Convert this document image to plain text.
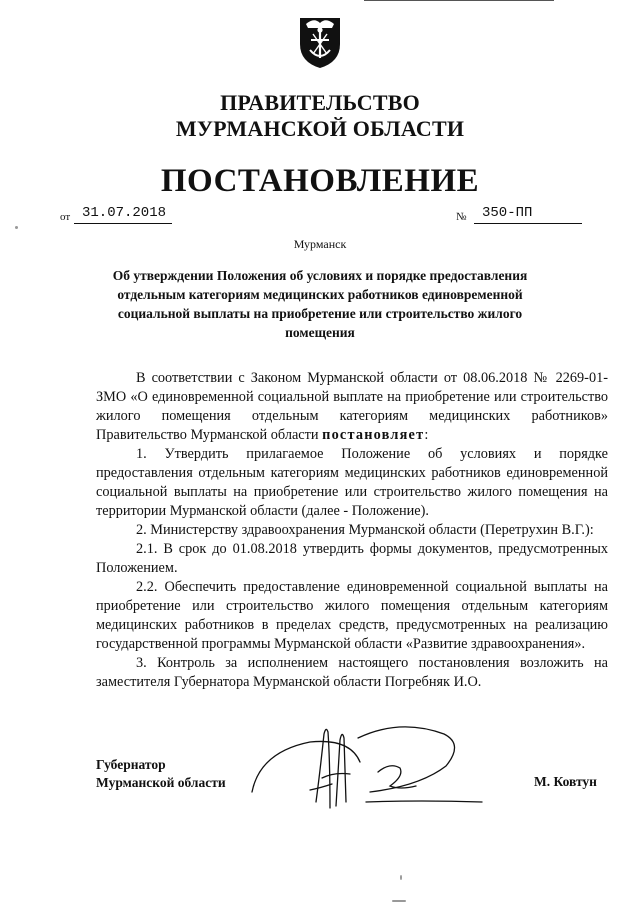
ПРАВИТЕЛЬСТВО
МУРМАНСКОЙ ОБЛАСТИ
ПОСТАНОВЛЕНИЕ
от 31.07.2018	№ 350-ПП
Мурманск
Об утверждении Положения об условиях и порядке предоставления отдельным категориям медицинских работников единовременной социальной выплаты на приобретение или строительство жилого помещения

В соответствии с Законом Мурманской области от 08.06.2018 № 2269-01-ЗМО «О единовременной социальной выплате на приобретение или строительство жилого помещения отдельным категориям медицинских работников» Правительство Мурманской области постановляет:

1. Утвердить прилагаемое Положение об условиях и порядке предоставления отдельным категориям медицинских работников единовременной социальной выплаты на приобретение или строительство жилого помещения на территории Мурманской области (далее - Положение).

2. Министерству здравоохранения Мурманской области (Перетрухин В.Г.):

2.1. В срок до 01.08.2018 утвердить формы документов, предусмотренных Положением.

2.2. Обеспечить предоставление единовременной социальной выплаты на приобретение или строительство жилого помещения отдельным категориям медицинских работников в пределах средств, предусмотренных на реализацию государственной программы Мурманской области «Развитие здравоохранения».

3. Контроль за исполнением настоящего постановления возложить на заместителя Губернатора Мурманской области Погребняк И.О.

Губернатор
Мурманской области	М. Ковтун
